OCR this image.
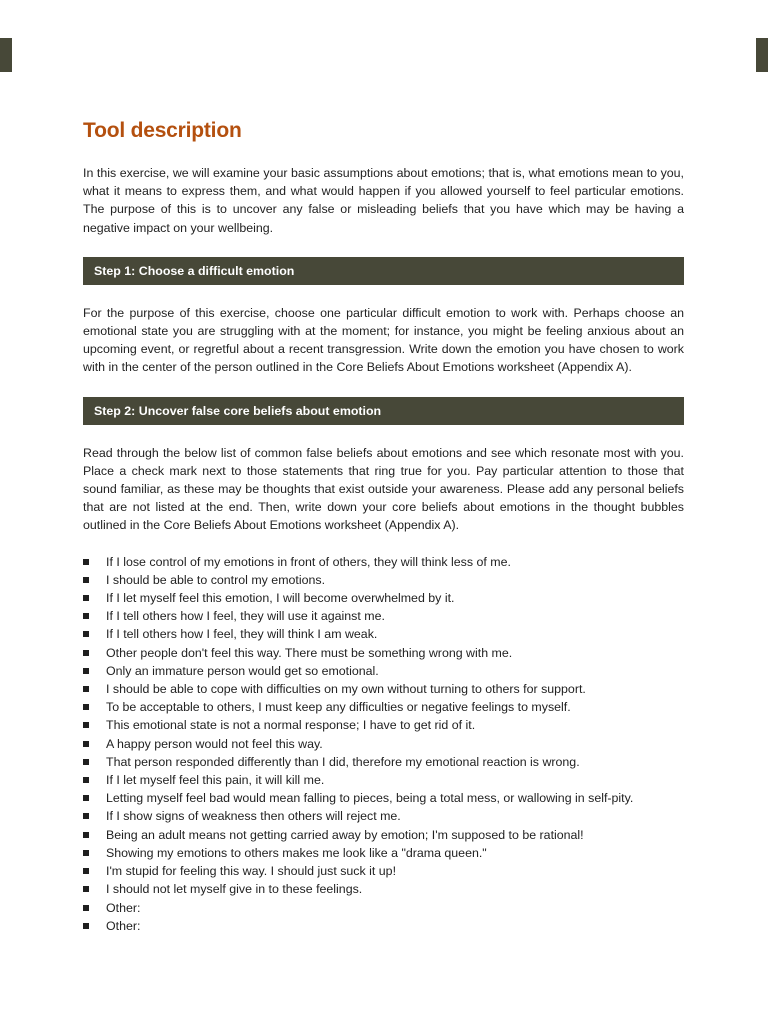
Tool description

In this exercise, we will examine your basic assumptions about emotions; that is, what emotions mean to you, what it means to express them, and what would happen if you allowed yourself to feel particular emotions. The purpose of this is to uncover any false or misleading beliefs that you have which may be having a negative impact on your wellbeing.

Step 1: Choose a difficult emotion

For the purpose of this exercise, choose one particular difficult emotion to work with. Perhaps choose an emotional state you are struggling with at the moment; for instance, you might be feeling anxious about an upcoming event, or regretful about a recent transgression. Write down the emotion you have chosen to work with in the center of the person outlined in the Core Beliefs About Emotions worksheet (Appendix A).

Step 2: Uncover false core beliefs about emotion

Read through the below list of common false beliefs about emotions and see which resonate most with you. Place a check mark next to those statements that ring true for you. Pay particular attention to those that sound familiar, as these may be thoughts that exist outside your awareness. Please add any personal beliefs that are not listed at the end. Then, write down your core beliefs about emotions in the thought bubbles outlined in the Core Beliefs About Emotions worksheet (Appendix A).

If I lose control of my emotions in front of others, they will think less of me.
I should be able to control my emotions.
If I let myself feel this emotion, I will become overwhelmed by it.
If I tell others how I feel, they will use it against me.
If I tell others how I feel, they will think I am weak.
Other people don't feel this way. There must be something wrong with me.
Only an immature person would get so emotional.
I should be able to cope with difficulties on my own without turning to others for support.
To be acceptable to others, I must keep any difficulties or negative feelings to myself.
This emotional state is not a normal response; I have to get rid of it.
A happy person would not feel this way.
That person responded differently than I did, therefore my emotional reaction is wrong.
If I let myself feel this pain, it will kill me.
Letting myself feel bad would mean falling to pieces, being a total mess, or wallowing in self-pity.
If I show signs of weakness then others will reject me.
Being an adult means not getting carried away by emotion; I'm supposed to be rational!
Showing my emotions to others makes me look like a "drama queen."
I'm stupid for feeling this way. I should just suck it up!
I should not let myself give in to these feelings.
Other:
Other:
